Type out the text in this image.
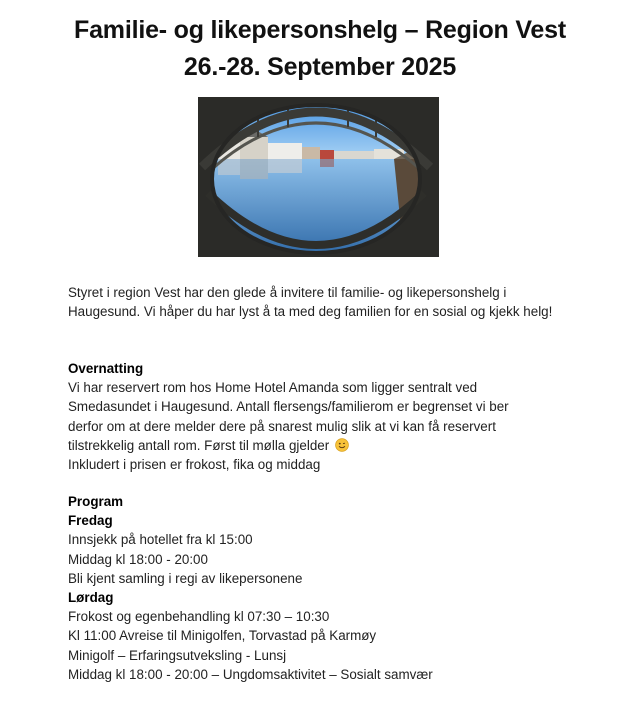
Familie- og likepersonshelg – Region Vest
26.-28. September 2025

Styret i region Vest har den glede å invitere til familie- og likepersonshelg i Haugesund. Vi håper du har lyst å ta med deg familien for en sosial og kjekk helg!

Overnatting
Vi har reservert rom hos Home Hotel Amanda som ligger sentralt ved
Smedasundet i Haugesund. Antall flersengs/familierom er begrenset vi ber
derfor om at dere melder dere på snarest mulig slik at vi kan få reservert
tilstrekkelig antall rom. Først til mølla gjelder
Inkludert i prisen er frokost, fika og middag
Program
Fredag
Innsjekk på hotellet fra kl 15:00
Middag kl 18:00 - 20:00
Bli kjent samling i regi av likepersonene
Lørdag
Frokost og egenbehandling kl 07:30 – 10:30
Kl 11:00 Avreise til Minigolfen, Torvastad på Karmøy
Minigolf – Erfaringsutveksling - Lunsj
Middag kl 18:00 - 20:00 – Ungdomsaktivitet – Sosialt samvær
